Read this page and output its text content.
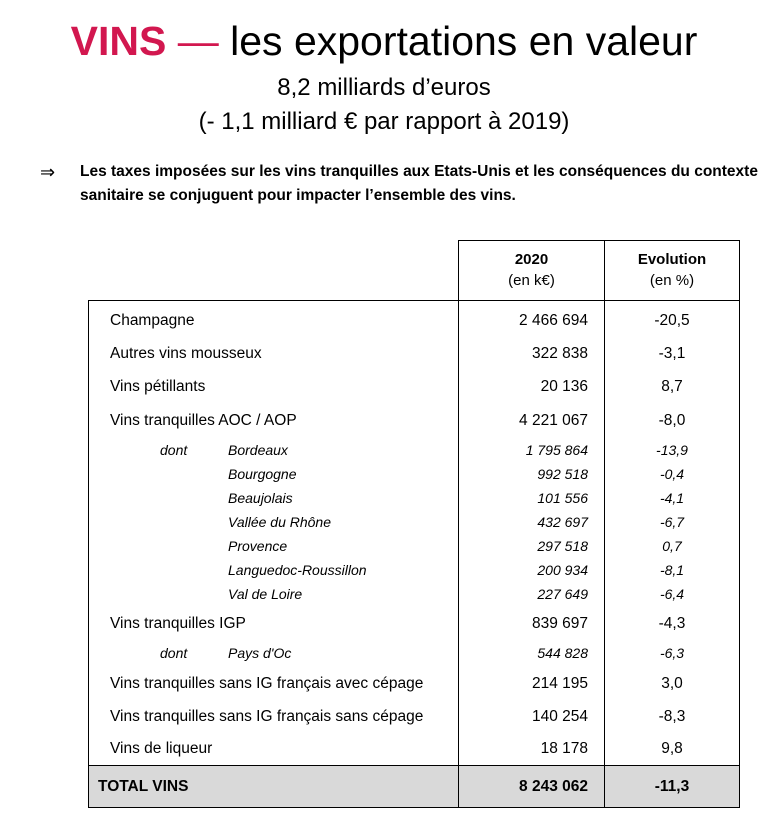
VINS — les exportations en valeur
8,2 milliards d’euros
(- 1,1 milliard € par rapport à 2019)
⇒ Les taxes imposées sur les vins tranquilles aux Etats-Unis et les conséquences du contexte sanitaire se conjuguent pour impacter l’ensemble des vins.
2020
(en k€)
Evolution
(en %)
Champagne	2 466 694	-20,5
Autres vins mousseux	322 838	-3,1
Vins pétillants	20 136	8,7
Vins tranquilles AOC / AOP	4 221 067	-8,0
dont	Bordeaux	1 795 864	-13,9
Bourgogne	992 518	-0,4
Beaujolais	101 556	-4,1
Vallée du Rhône	432 697	-6,7
Provence	297 518	0,7
Languedoc-Roussillon	200 934	-8,1
Val de Loire	227 649	-6,4
Vins tranquilles IGP	839 697	-4,3
dont	Pays d'Oc	544 828	-6,3
Vins tranquilles sans IG français avec cépage	214 195	3,0
Vins tranquilles sans IG français sans cépage	140 254	-8,3
Vins de liqueur	18 178	9,8
TOTAL VINS	8 243 062	-11,3
